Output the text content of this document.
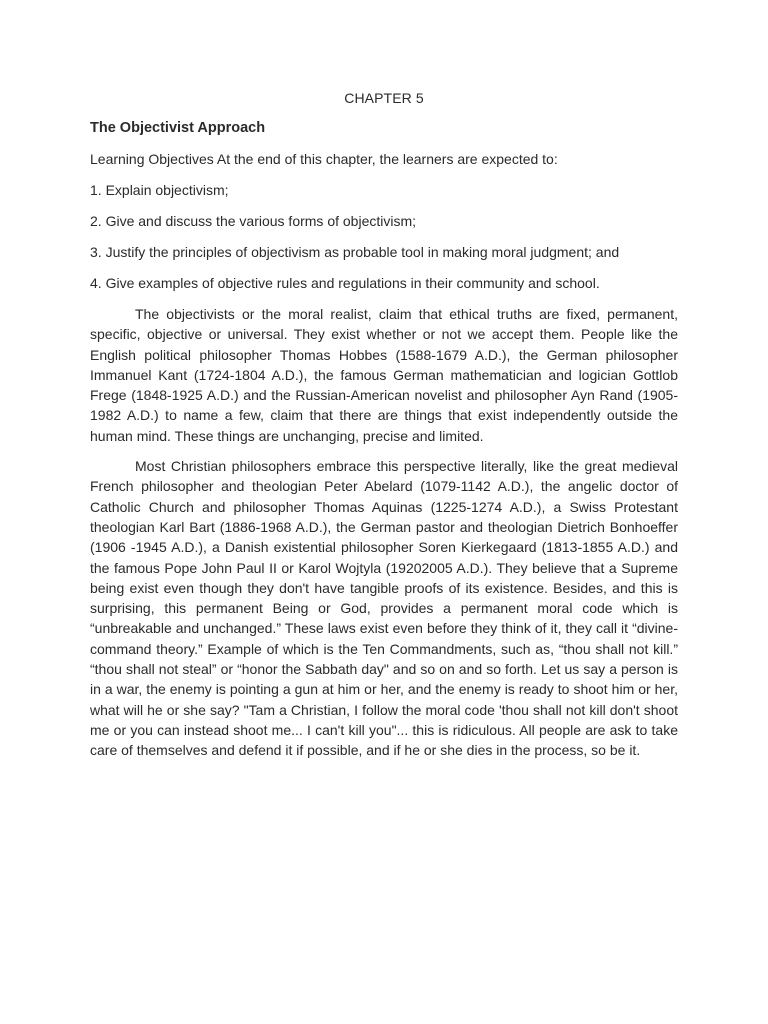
CHAPTER 5
The Objectivist Approach
Learning Objectives At the end of this chapter, the learners are expected to:
1. Explain objectivism;
2. Give and discuss the various forms of objectivism;
3. Justify the principles of objectivism as probable tool in making moral judgment; and
4. Give examples of objective rules and regulations in their community and school.

The objectivists or the moral realist, claim that ethical truths are fixed, permanent, specific, objective or universal. They exist whether or not we accept them. People like the English political philosopher Thomas Hobbes (1588-1679 A.D.), the German philosopher Immanuel Kant (1724-1804 A.D.), the famous German mathematician and logician Gottlob Frege (1848-1925 A.D.) and the Russian-American novelist and philosopher Ayn Rand (1905-1982 A.D.) to name a few, claim that there are things that exist independently outside the human mind. These things are unchanging, precise and limited.

Most Christian philosophers embrace this perspective literally, like the great medieval French philosopher and theologian Peter Abelard (1079-1142 A.D.), the angelic doctor of Catholic Church and philosopher Thomas Aquinas (1225-1274 A.D.), a Swiss Protestant theologian Karl Bart (1886-1968 A.D.), the German pastor and theologian Dietrich Bonhoeffer (1906 -1945 A.D.), a Danish existential philosopher Soren Kierkegaard (1813-1855 A.D.) and the famous Pope John Paul II or Karol Wojtyla (19202005 A.D.). They believe that a Supreme being exist even though they don't have tangible proofs of its existence. Besides, and this is surprising, this permanent Being or God, provides a permanent moral code which is “unbreakable and unchanged.” These laws exist even before they think of it, they call it “divine-command theory.” Example of which is the Ten Commandments, such as, “thou shall not kill.” “thou shall not steal” or “honor the Sabbath day" and so on and so forth. Let us say a person is in a war, the enemy is pointing a gun at him or her, and the enemy is ready to shoot him or her, what will he or she say? "Tam a Christian, I follow the moral code 'thou shall not kill don't shoot me or you can instead shoot me... I can't kill you"... this is ridiculous. All people are ask to take care of themselves and defend it if possible, and if he or she dies in the process, so be it.
